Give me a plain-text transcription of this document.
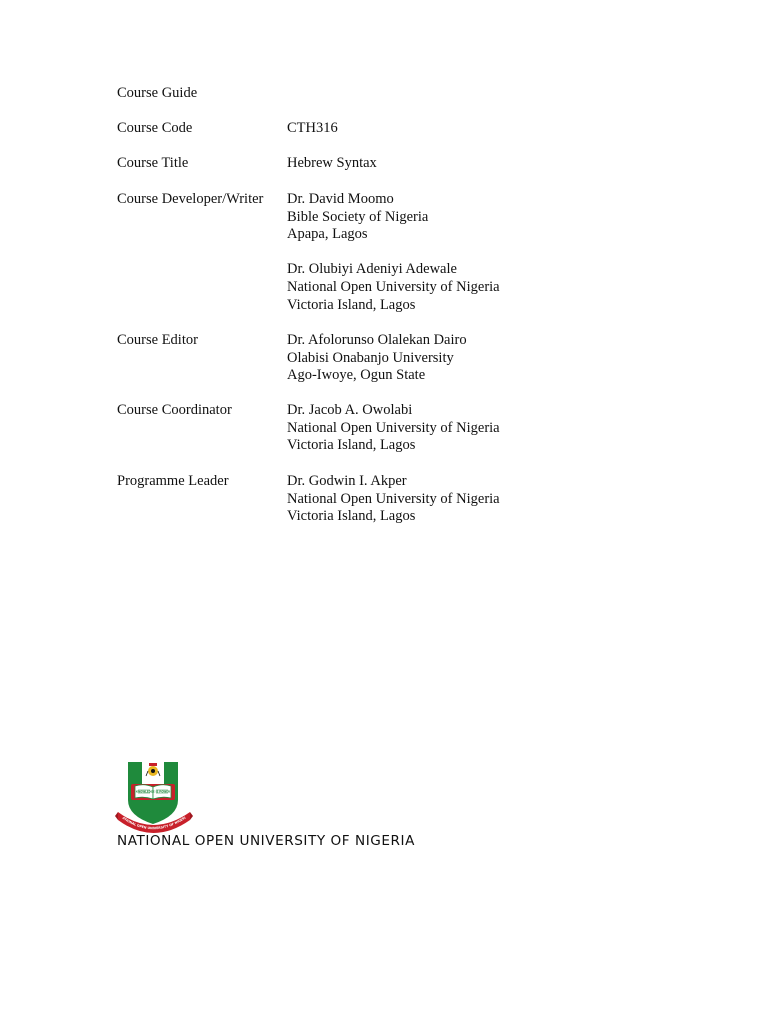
Course Guide
Course Code	CTH316
Course Title	Hebrew Syntax
Course Developer/Writer	Dr. David Moomo
Bible Society of Nigeria
Apapa, Lagos
Dr. Olubiyi Adeniyi Adewale
National Open University of Nigeria
Victoria Island, Lagos
Course Editor	Dr. Afolorunso Olalekan Dairo
Olabisi Onabanjo University
Ago-Iwoye, Ogun State
Course Coordinator	Dr. Jacob A. Owolabi
National Open University of Nigeria
Victoria Island, Lagos
Programme Leader	Dr. Godwin I. Akper
National Open University of Nigeria
Victoria Island, Lagos
KNOWLEDGE IS POWER
ATIONAL OPEN UNIVERSITY OF NIGERI
NATIONAL OPEN UNIVERSITY OF NIGERIA
